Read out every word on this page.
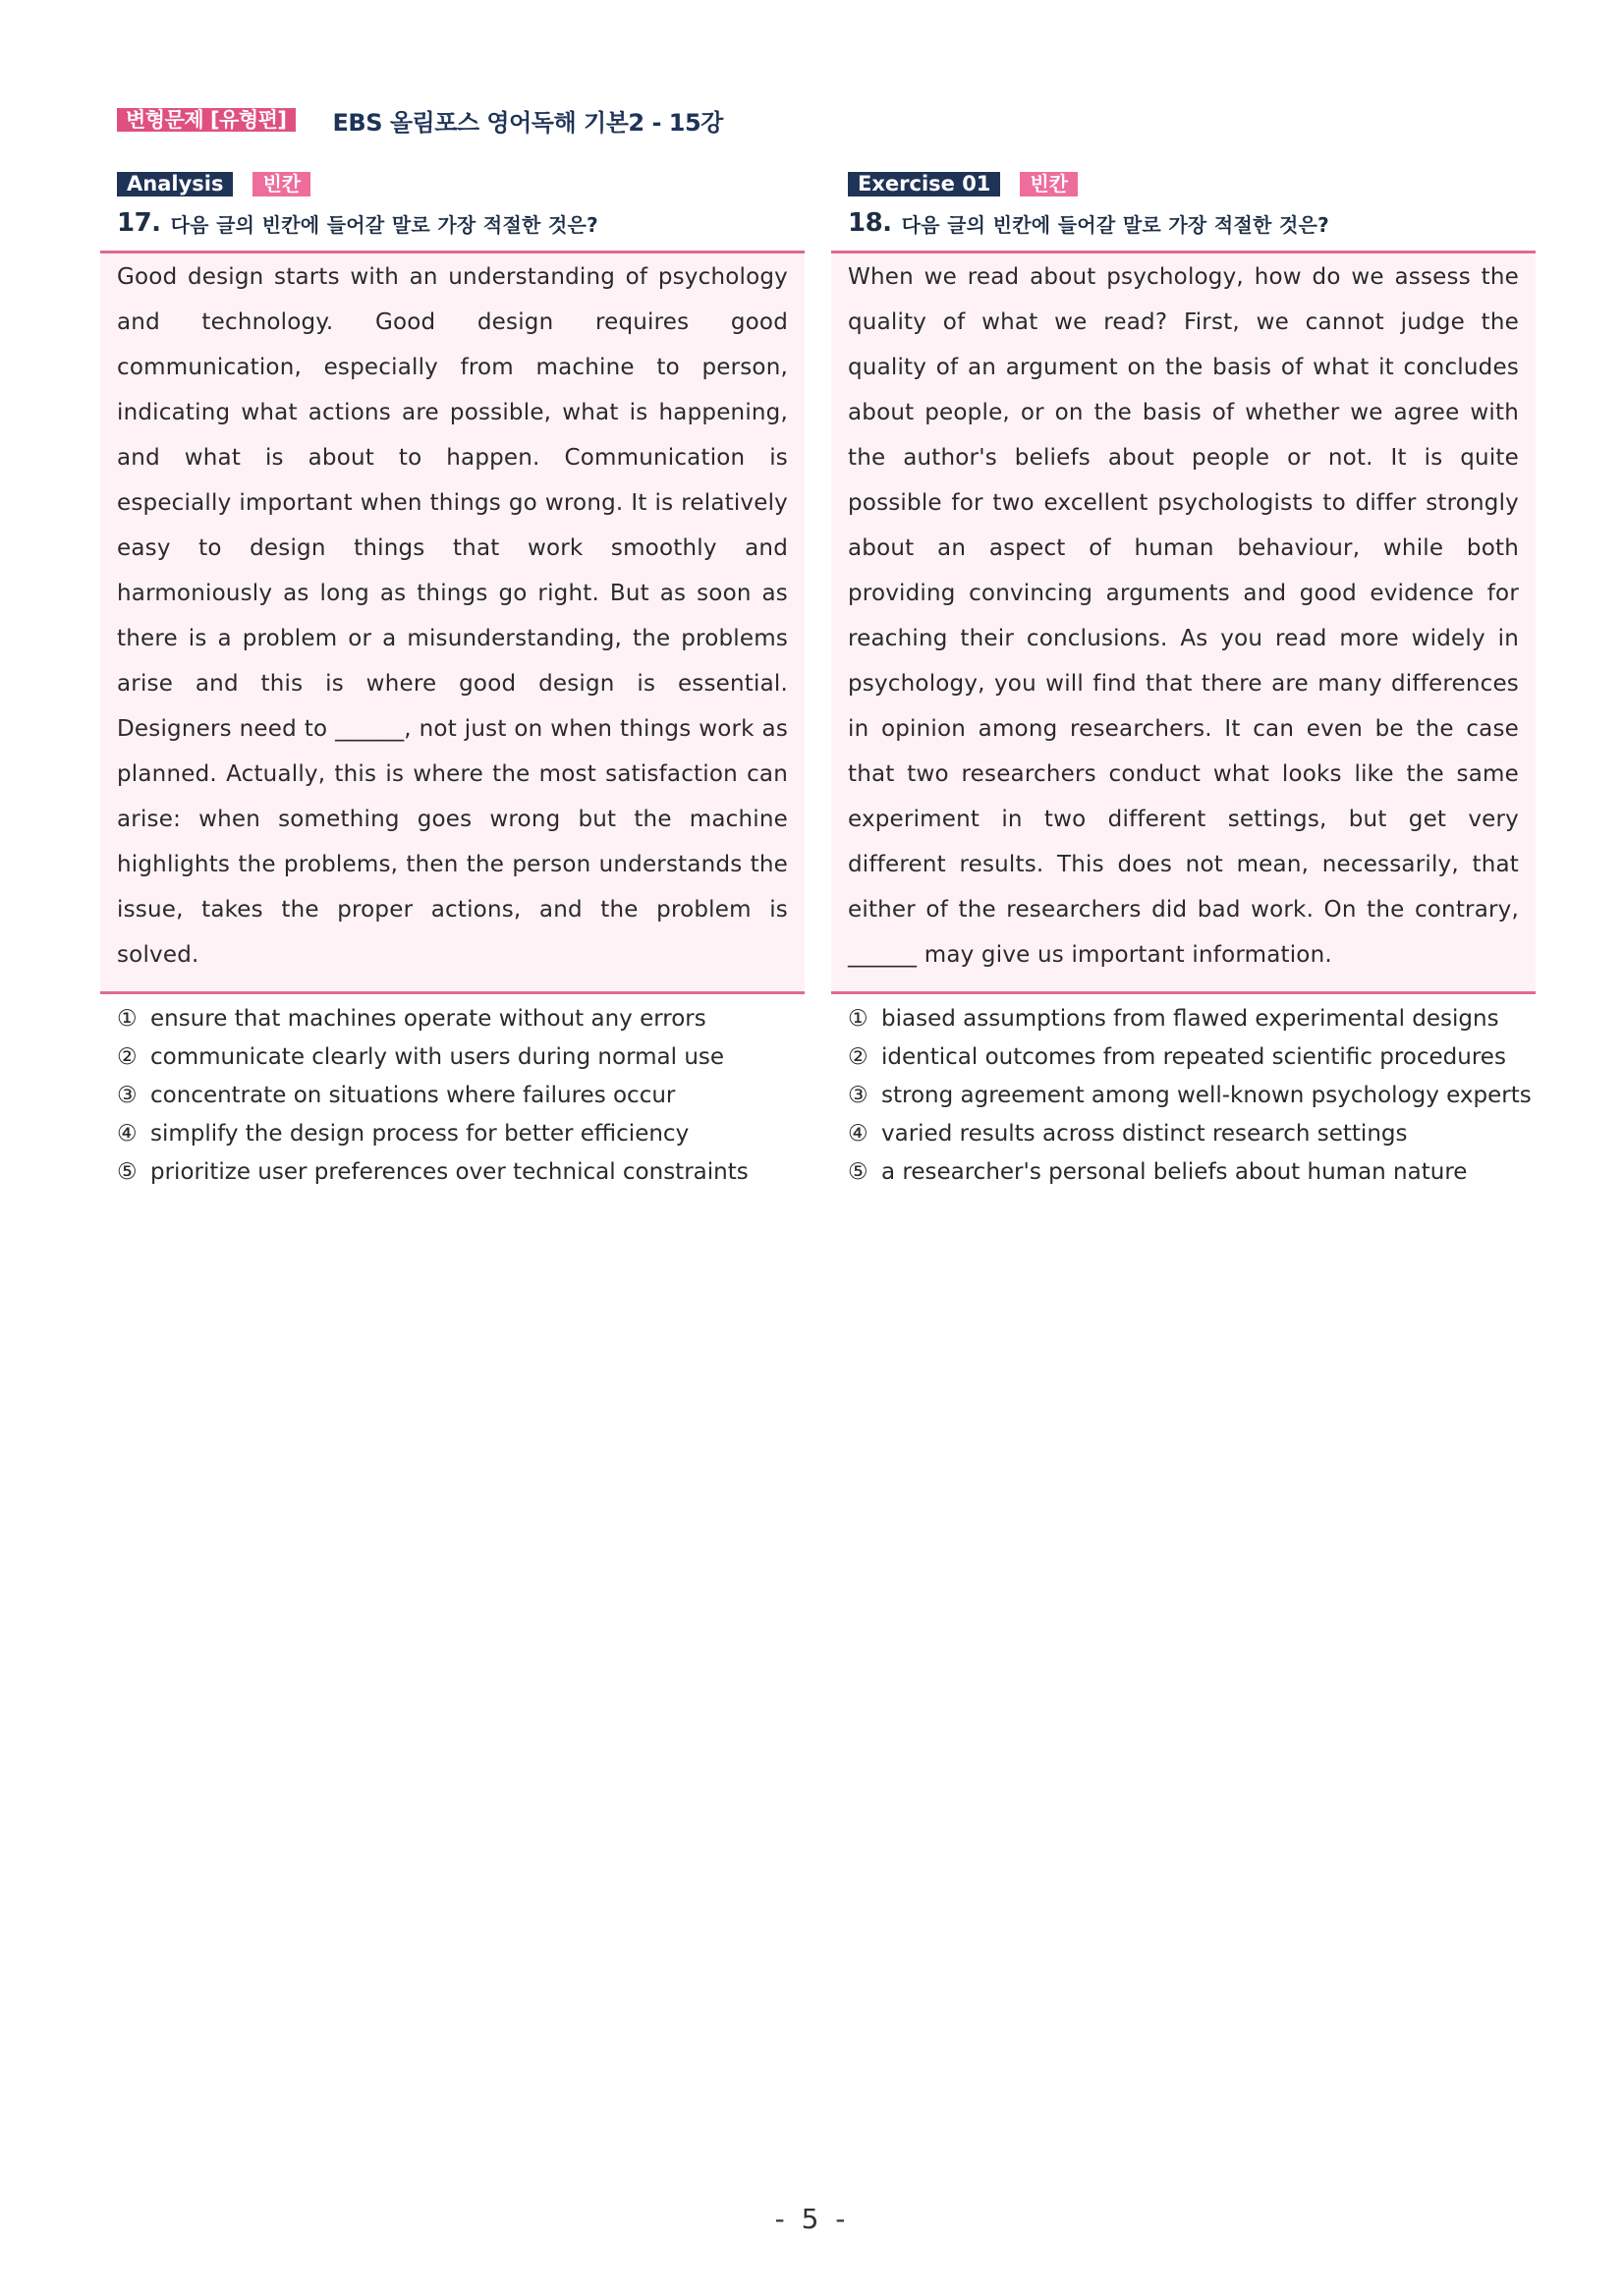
변형문제 [유형편]	EBS 올림포스 영어독해 기본2 - 15강
Analysis	빈칸
17. 다음 글의 빈칸에 들어갈 말로 가장 적절한 것은?
Good design starts with an understanding of psychology and technology. Good design requires good communication, especially from machine to person, indicating what actions are possible, what is happening, and what is about to happen. Communication is especially important when things go wrong. It is relatively easy to design things that work smoothly and harmoniously as long as things go right. But as soon as there is a problem or a misunderstanding, the problems arise and this is where good design is essential. Designers need to ______, not just on when things work as planned. Actually, this is where the most satisfaction can arise: when something goes wrong but the machine highlights the problems, then the person understands the issue, takes the proper actions, and the problem is solved.
① ensure that machines operate without any errors
② communicate clearly with users during normal use
③ concentrate on situations where failures occur
④ simplify the design process for better efficiency
⑤ prioritize user preferences over technical constraints
Exercise 01	빈칸
18. 다음 글의 빈칸에 들어갈 말로 가장 적절한 것은?
When we read about psychology, how do we assess the quality of what we read? First, we cannot judge the quality of an argument on the basis of what it concludes about people, or on the basis of whether we agree with the author's beliefs about people or not. It is quite possible for two excellent psychologists to differ strongly about an aspect of human behaviour, while both providing convincing arguments and good evidence for reaching their conclusions. As you read more widely in psychology, you will find that there are many differences in opinion among researchers. It can even be the case that two researchers conduct what looks like the same experiment in two different settings, but get very different results. This does not mean, necessarily, that either of the researchers did bad work. On the contrary, ______ may give us important information.
① biased assumptions from flawed experimental designs
② identical outcomes from repeated scientific procedures
③ strong agreement among well-known psychology experts
④ varied results across distinct research settings
⑤ a researcher's personal beliefs about human nature
- 5 -
